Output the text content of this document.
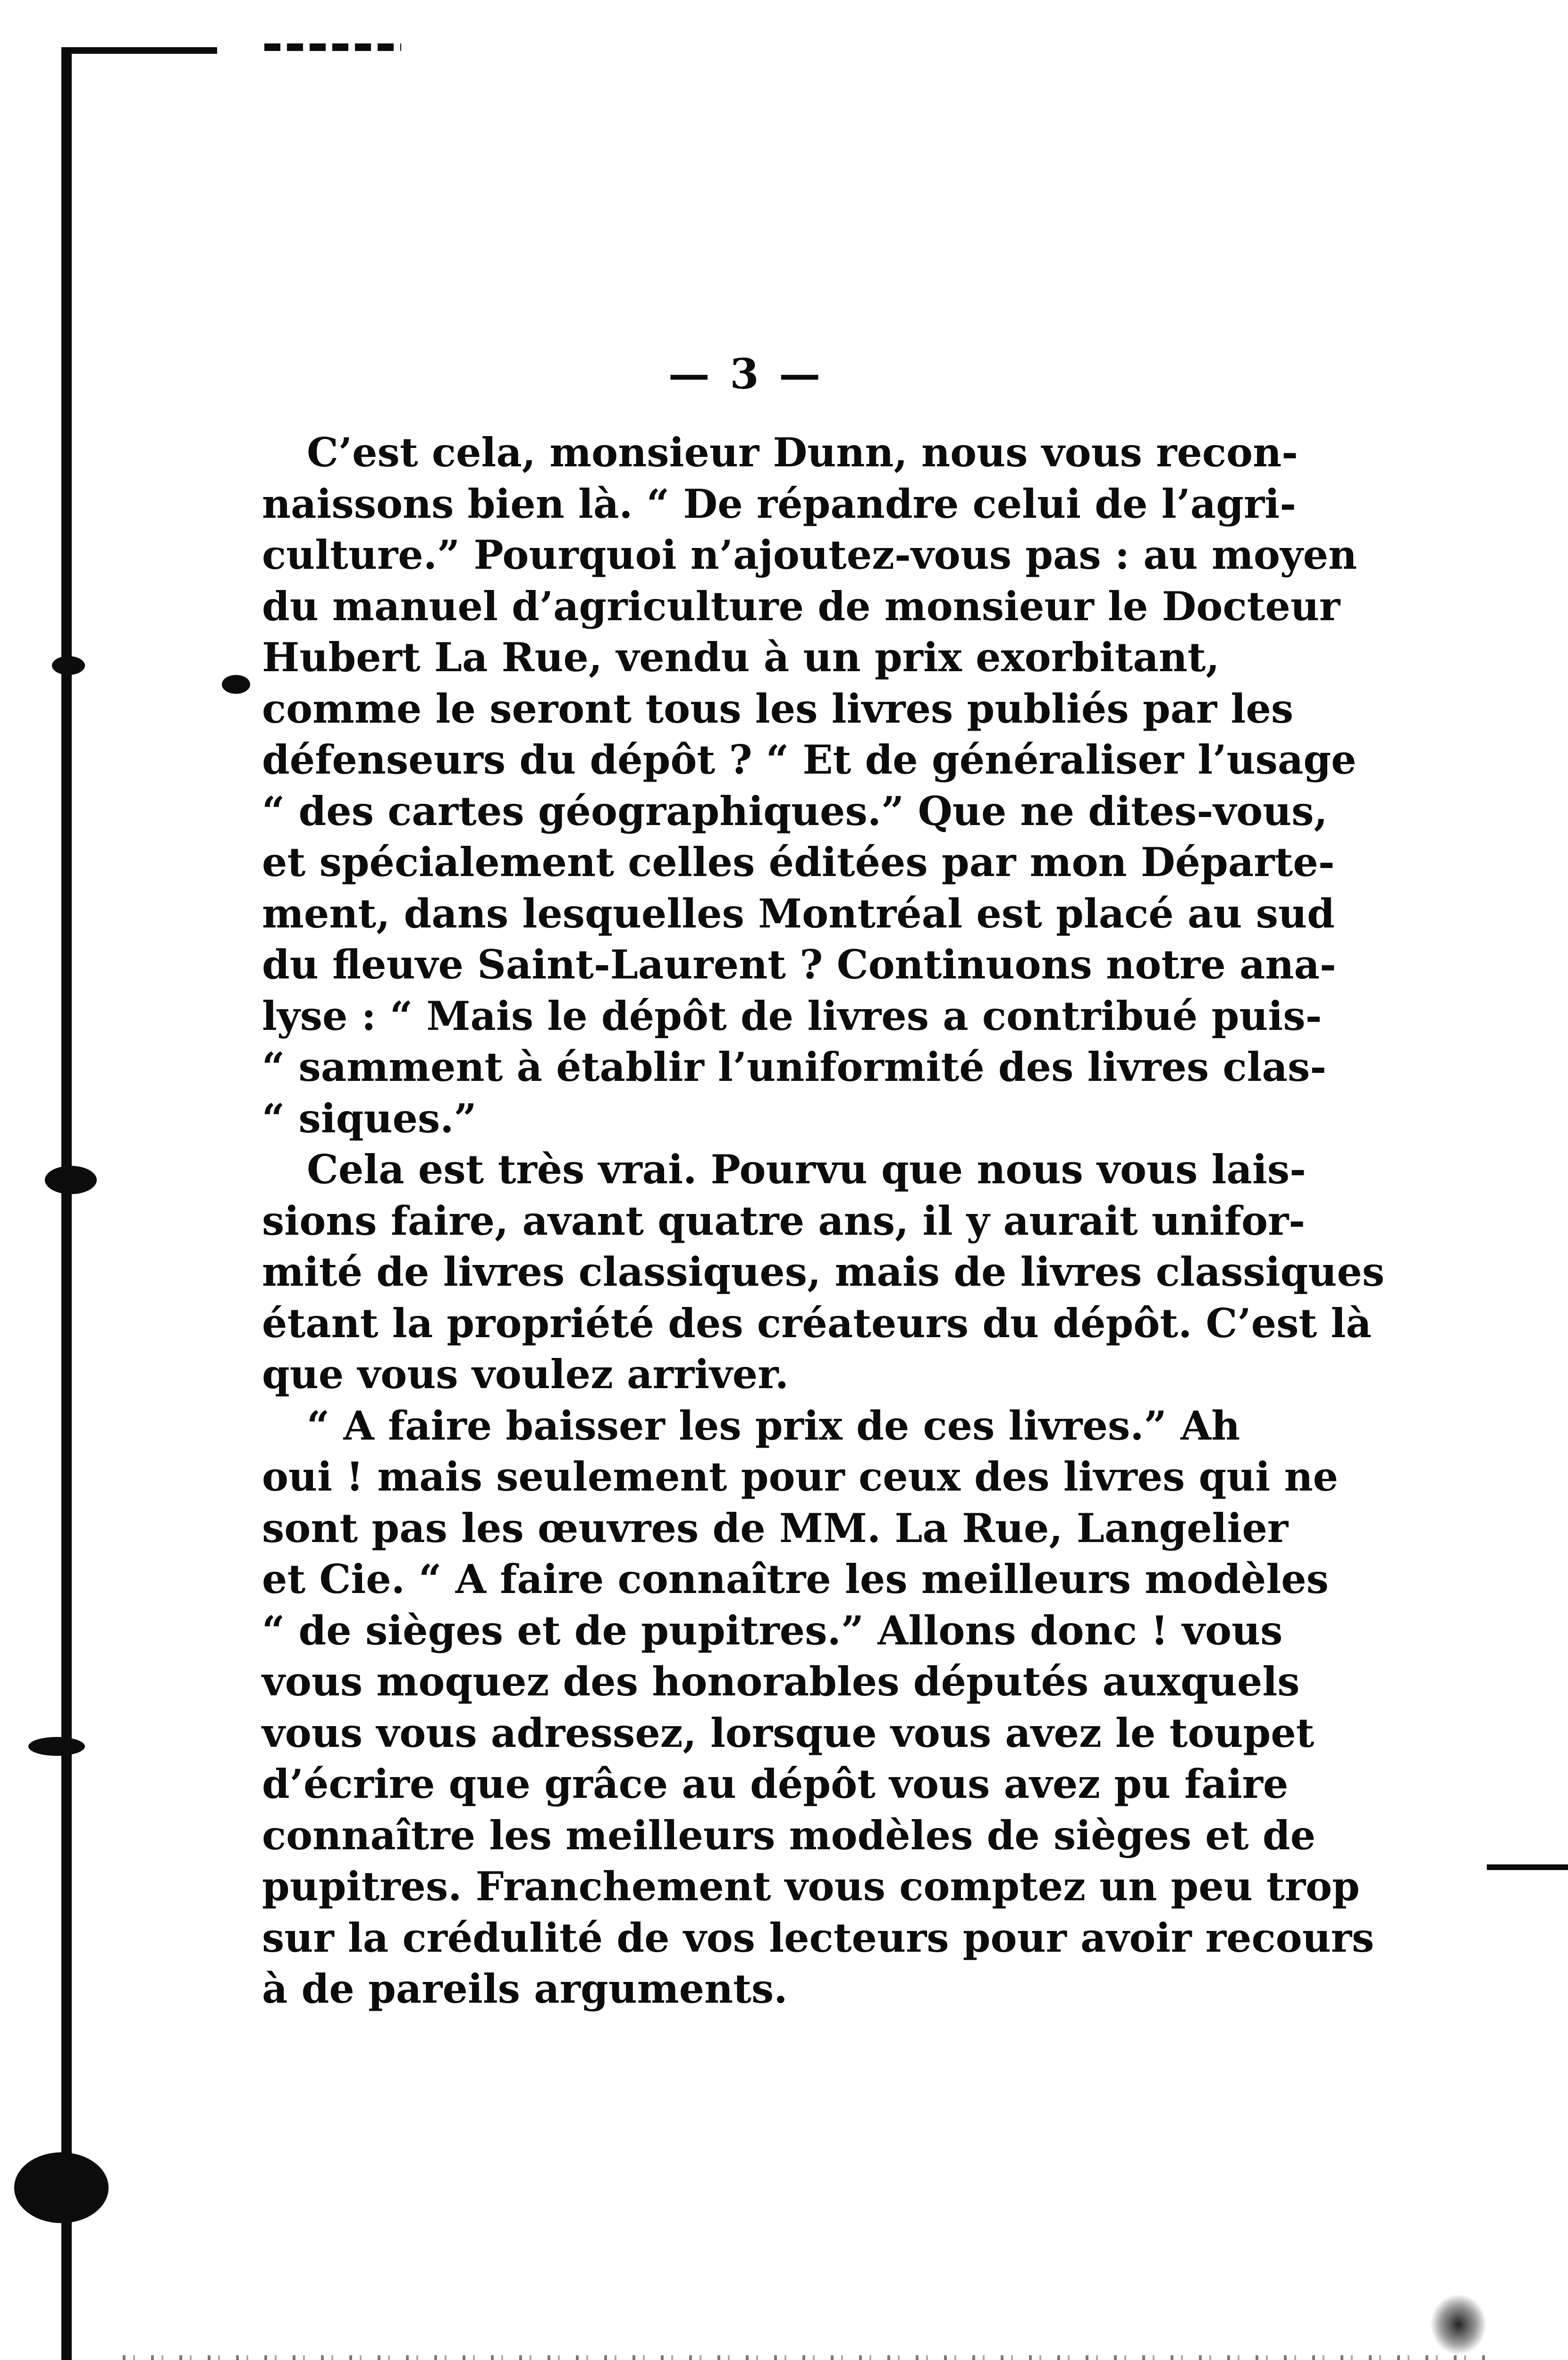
— 3 —
C’est cela, monsieur Dunn, nous vous recon-
naissons bien là. “ De répandre celui de l’agri-
culture.” Pourquoi n’ajoutez-vous pas : au moyen
du manuel d’agriculture de monsieur le Docteur
Hubert La Rue, vendu à un prix exorbitant,
comme le seront tous les livres publiés par les
défenseurs du dépôt ? “ Et de généraliser l’usage
“ des cartes géographiques.” Que ne dites-vous,
et spécialement celles éditées par mon Départe-
ment, dans lesquelles Montréal est placé au sud
du fleuve Saint-Laurent ? Continuons notre ana-
lyse : “ Mais le dépôt de livres a contribué puis-
“ samment à établir l’uniformité des livres clas-
“ siques.”
Cela est très vrai. Pourvu que nous vous lais-
sions faire, avant quatre ans, il y aurait unifor-
mité de livres classiques, mais de livres classiques
étant la propriété des créateurs du dépôt. C’est là
que vous voulez arriver.
“ A faire baisser les prix de ces livres.” Ah
oui ! mais seulement pour ceux des livres qui ne
sont pas les œuvres de MM. La Rue, Langelier
et Cie. “ A faire connaître les meilleurs modèles
“ de sièges et de pupitres.” Allons donc ! vous
vous moquez des honorables députés auxquels
vous vous adressez, lorsque vous avez le toupet
d’écrire que grâce au dépôt vous avez pu faire
connaître les meilleurs modèles de sièges et de
pupitres. Franchement vous comptez un peu trop
sur la crédulité de vos lecteurs pour avoir recours
à de pareils arguments.
